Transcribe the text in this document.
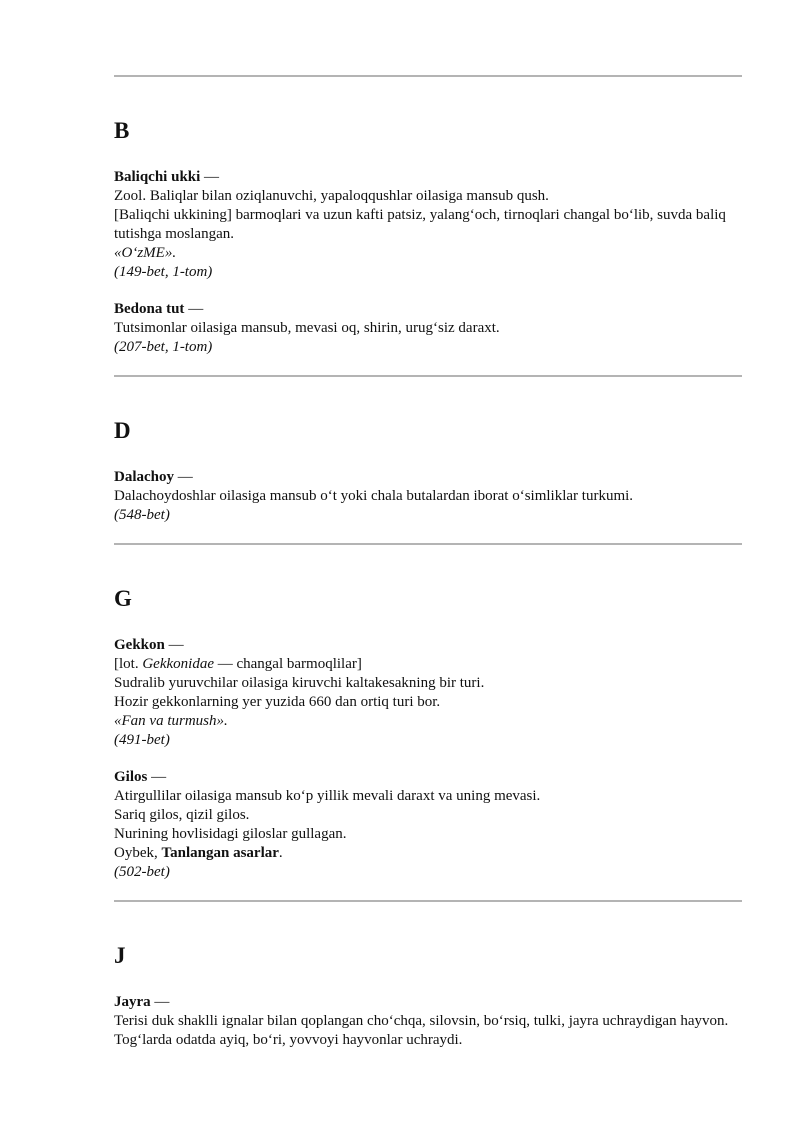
B

Baliqchi ukki —

Zool. Baliqlar bilan oziqlanuvchi, yapaloqqushlar oilasiga mansub qush.

[Baliqchi ukkining] barmoqlari va uzun kafti patsiz, yalang‘och, tirnoqlari changal bo‘lib, suvda baliq tutishga moslangan.

«O‘zME».

(149-bet, 1-tom)

Bedona tut —

Tutsimonlar oilasiga mansub, mevasi oq, shirin, urug‘siz daraxt.

(207-bet, 1-tom)

D

Dalachoy —

Dalachoydoshlar oilasiga mansub o‘t yoki chala butalardan iborat o‘simliklar turkumi.

(548-bet)

G

Gekkon —

[lot. Gekkonidae — changal barmoqlilar]

Sudralib yuruvchilar oilasiga kiruvchi kaltakesakning bir turi.

Hozir gekkonlarning yer yuzida 660 dan ortiq turi bor.

«Fan va turmush».

(491-bet)

Gilos —

Atirgullilar oilasiga mansub ko‘p yillik mevali daraxt va uning mevasi.

Sariq gilos, qizil gilos.

Nurining hovlisidagi giloslar gullagan.

Oybek, Tanlangan asarlar.

(502-bet)

J

Jayra —

Terisi duk shaklli ignalar bilan qoplangan cho‘chqa, silovsin, bo‘rsiq, tulki, jayra uchraydigan hayvon.

Tog‘larda odatda ayiq, bo‘ri, yovvoyi hayvonlar uchraydi.
